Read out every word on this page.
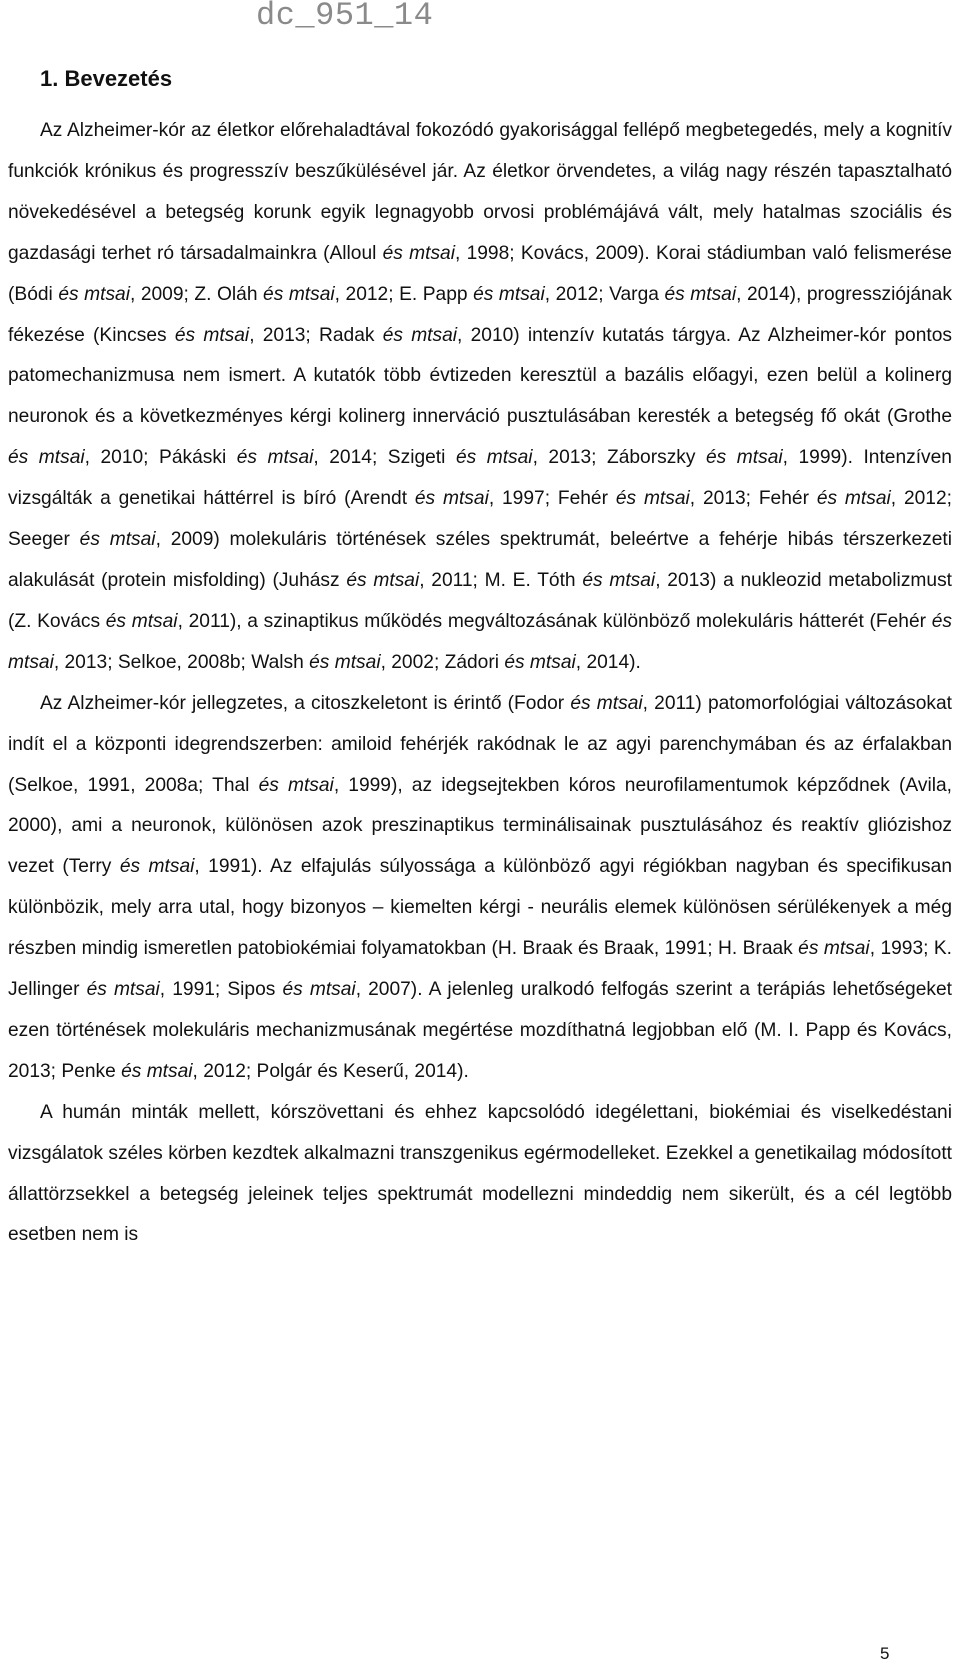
dc_951_14
1. Bevezetés

Az Alzheimer-kór az életkor előrehaladtával fokozódó gyakorisággal fellépő megbetegedés, mely a kognitív funkciók krónikus és progresszív beszűkülésével jár. Az életkor örvendetes, a világ nagy részén tapasztalható növekedésével a betegség korunk egyik legnagyobb orvosi problémájává vált, mely hatalmas szociális és gazdasági terhet ró társadalmainkra (Alloul és mtsai, 1998; Kovács, 2009). Korai stádiumban való felismerése (Bódi és mtsai, 2009; Z. Oláh és mtsai, 2012; E. Papp és mtsai, 2012; Varga és mtsai, 2014), progressziójának fékezése (Kincses és mtsai, 2013; Radak és mtsai, 2010) intenzív kutatás tárgya. Az Alzheimer-kór pontos patomechanizmusa nem ismert. A kutatók több évtizeden keresztül a bazális előagyi, ezen belül a kolinerg neuronok és a következményes kérgi kolinerg innerváció pusztulásában keresték a betegség fő okát (Grothe és mtsai, 2010; Pákáski és mtsai, 2014; Szigeti és mtsai, 2013; Záborszky és mtsai, 1999). Intenzíven vizsgálták a genetikai háttérrel is bíró (Arendt és mtsai, 1997; Fehér és mtsai, 2013; Fehér és mtsai, 2012; Seeger és mtsai, 2009) molekuláris történések széles spektrumát, beleértve a fehérje hibás térszerkezeti alakulását (protein misfolding) (Juhász és mtsai, 2011; M. E. Tóth és mtsai, 2013) a nukleozid metabolizmust (Z. Kovács és mtsai, 2011), a szinaptikus működés megváltozásának különböző molekuláris hátterét (Fehér és mtsai, 2013; Selkoe, 2008b; Walsh és mtsai, 2002; Zádori és mtsai, 2014).

Az Alzheimer-kór jellegzetes, a citoszkeletont is érintő (Fodor és mtsai, 2011) patomorfológiai változásokat indít el a központi idegrendszerben: amiloid fehérjék rakódnak le az agyi parenchymában és az érfalakban (Selkoe, 1991, 2008a; Thal és mtsai, 1999), az idegsejtekben kóros neurofilamentumok képződnek (Avila, 2000), ami a neuronok, különösen azok preszinaptikus terminálisainak pusztulásához és reaktív gliózishoz vezet (Terry és mtsai, 1991). Az elfajulás súlyossága a különböző agyi régiókban nagyban és specifikusan különbözik, mely arra utal, hogy bizonyos – kiemelten kérgi - neurális elemek különösen sérülékenyek a még részben mindig ismeretlen patobiokémiai folyamatokban (H. Braak és Braak, 1991; H. Braak és mtsai, 1993; K. Jellinger és mtsai, 1991; Sipos és mtsai, 2007). A jelenleg uralkodó felfogás szerint a terápiás lehetőségeket ezen történések molekuláris mechanizmusának megértése mozdíthatná legjobban elő (M. I. Papp és Kovács, 2013; Penke és mtsai, 2012; Polgár és Keserű, 2014).

A humán minták mellett, kórszövettani és ehhez kapcsolódó idegélettani, biokémiai és viselkedéstani vizsgálatok széles körben kezdtek alkalmazni transzgenikus egérmodelleket. Ezekkel a genetikailag módosított állattörzsekkel a betegség jeleinek teljes spektrumát modellezni mindeddig nem sikerült, és a cél legtöbb esetben nem is

5
